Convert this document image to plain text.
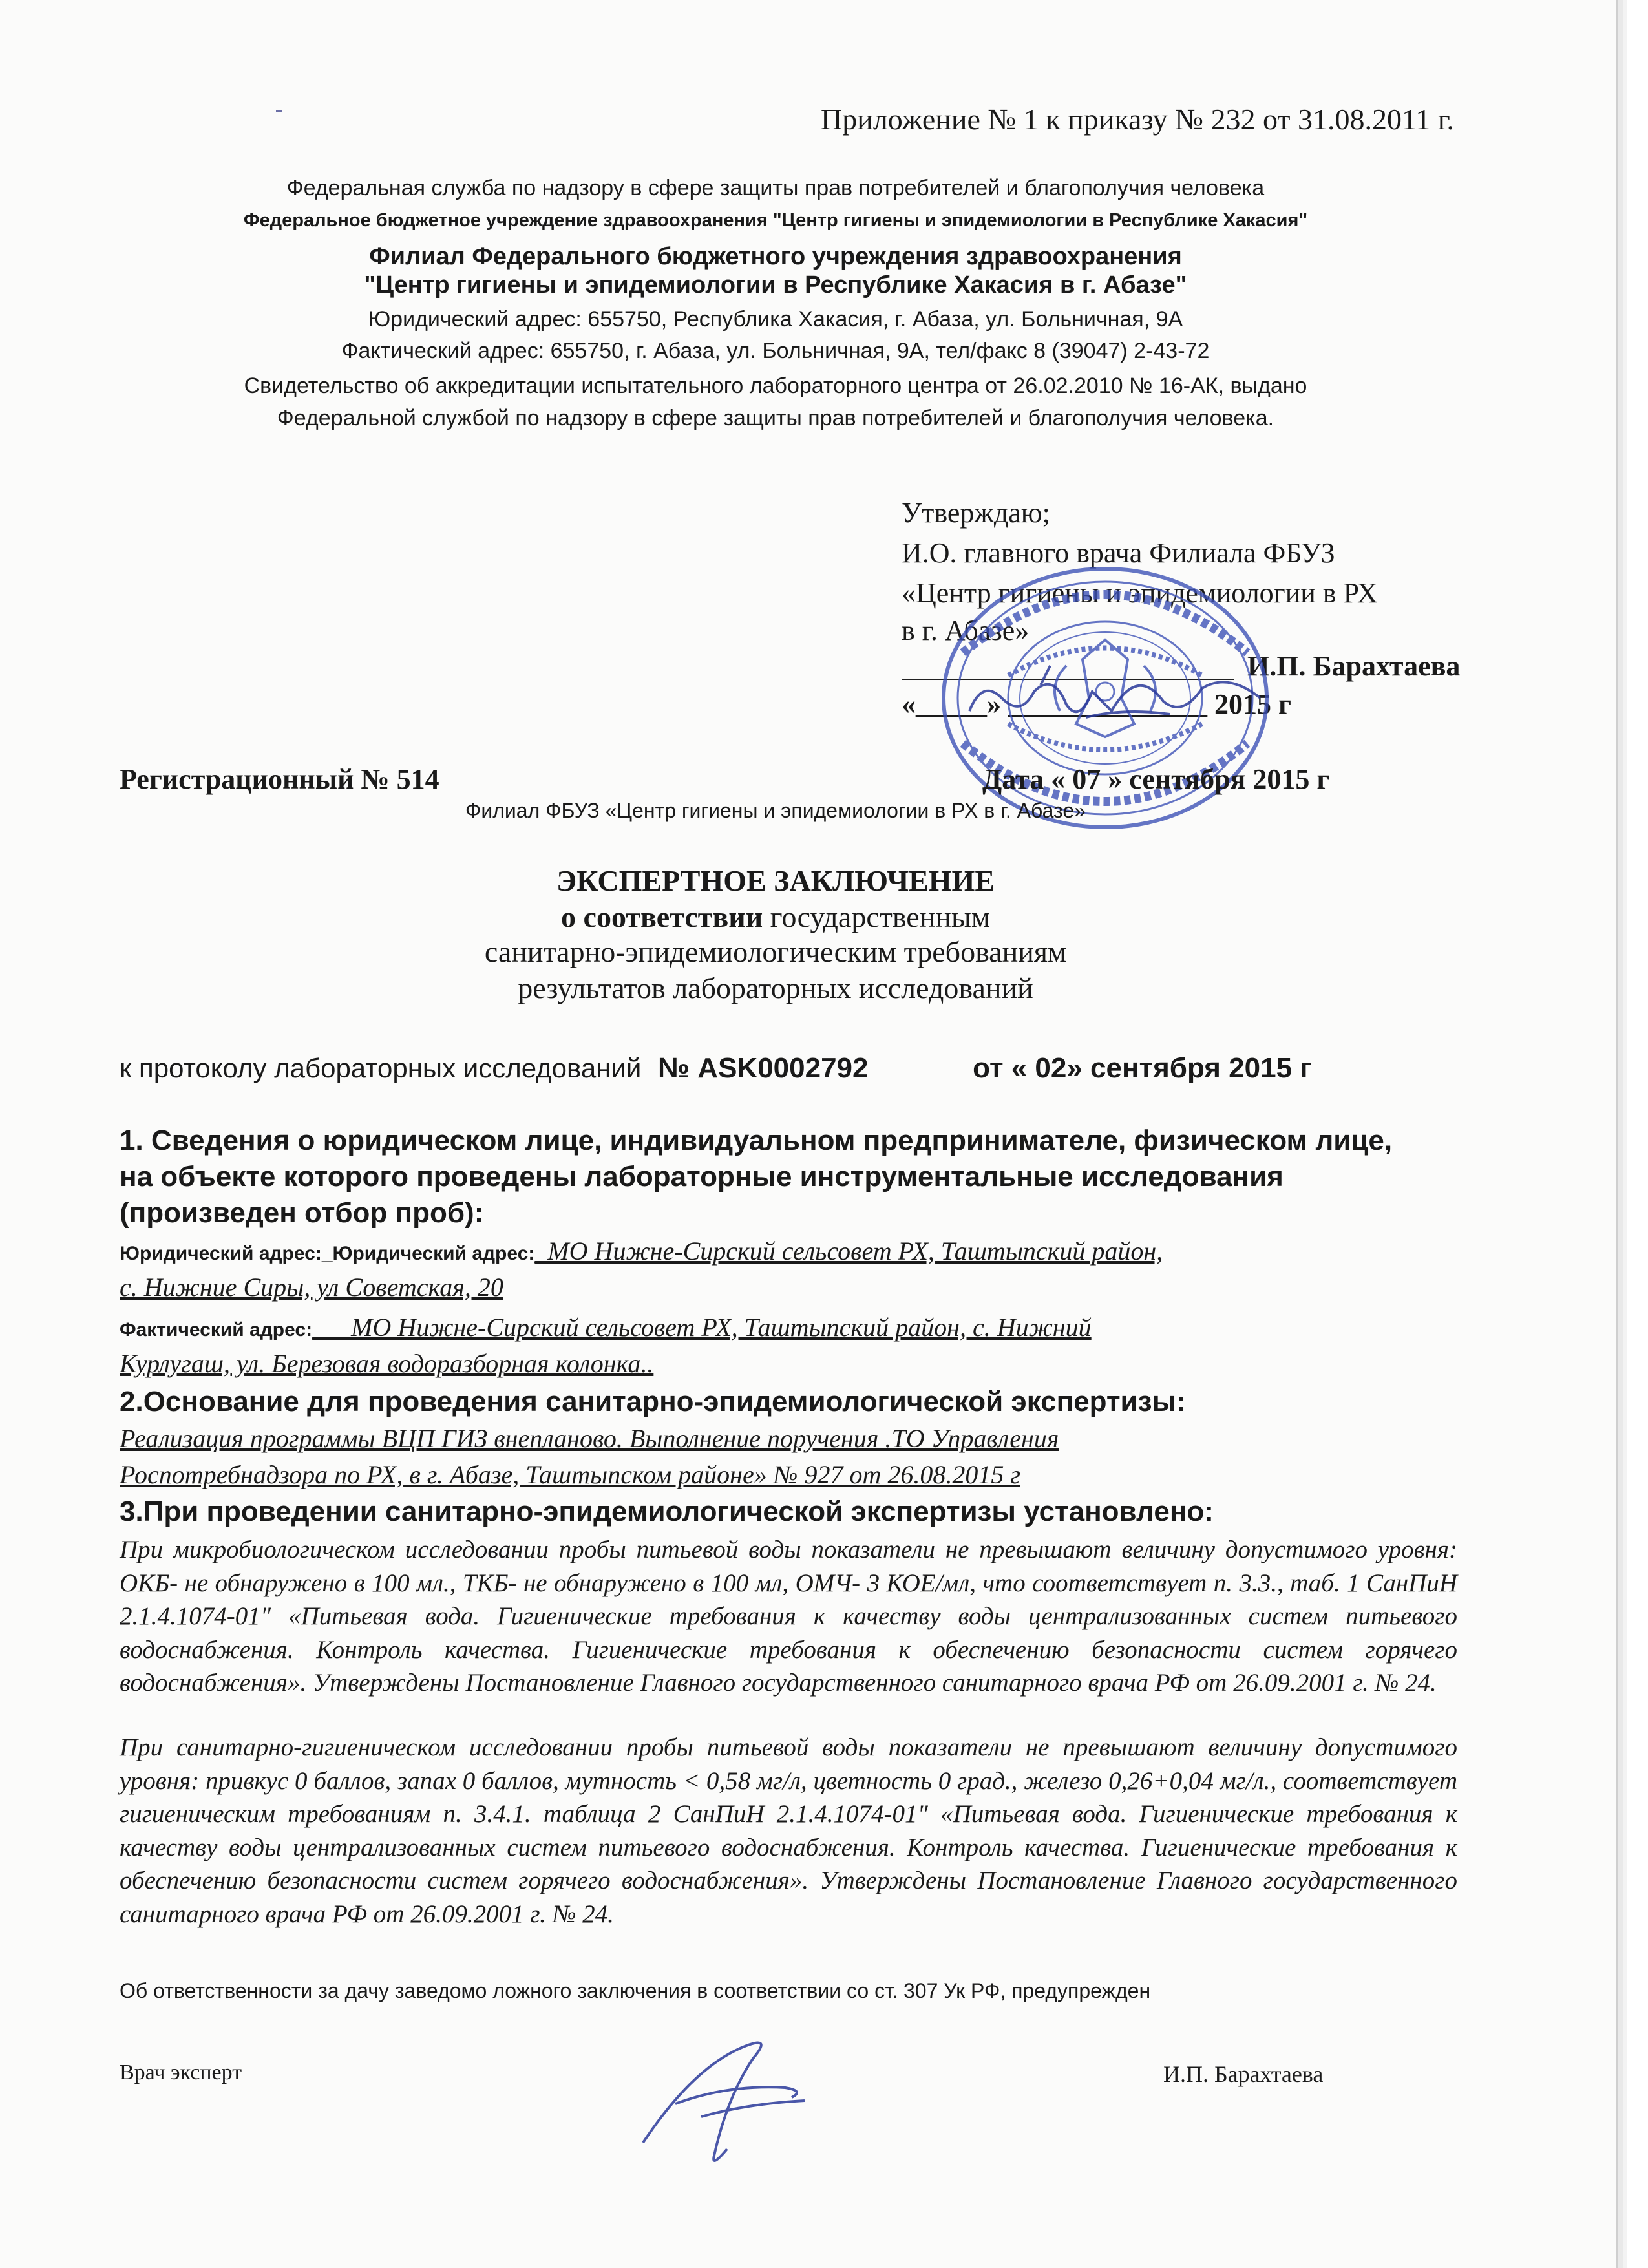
Приложение № 1 к приказу № 232 от 31.08.2011 г.
Федеральная служба по надзору в сфере защиты прав потребителей и благополучия человека
Федеральное бюджетное учреждение здравоохранения "Центр гигиены и эпидемиологии в Республике Хакасия"
Филиал Федерального бюджетного учреждения здравоохранения
"Центр гигиены и эпидемиологии в Республике Хакасия в г. Абазе"
Юридический адрес: 655750, Республика Хакасия, г. Абаза, ул. Больничная, 9А
Фактический адрес: 655750, г. Абаза, ул. Больничная, 9А, тел/факс 8 (39047) 2-43-72
Свидетельство об аккредитации испытательного лабораторного центра от 26.02.2010 № 16-АК, выдано
Федеральной службой по надзору в сфере защиты прав потребителей и благополучия человека.
Утверждаю;
И.О. главного врача Филиала ФБУЗ
«Центр гигиены и эпидемиологии в РХ
в г. Абазе»
И.П. Барахтаева
«_____» ______________ 2015 г
Регистрационный № 514	Дата « 07 » сентября 2015 г
Филиал ФБУЗ «Центр гигиены и эпидемиологии в РХ в г. Абазе»
ЭКСПЕРТНОЕ ЗАКЛЮЧЕНИЕ
о соответствии государственным
санитарно-эпидемиологическим требованиям
результатов лабораторных исследований
к протоколу лабораторных исследований № ASK0002792	от « 02» сентября 2015 г
1. Сведения о юридическом лице, индивидуальном предпринимателе, физическом лице,
на объекте которого проведены лабораторные инструментальные исследования
(произведен отбор проб):
Юридический адрес:_Юридический адрес:_МО Нижне-Сирский сельсовет РХ, Таштыпский район,
с. Нижние Сиры, ул Советская, 20
Фактический адрес:___МО Нижне-Сирский сельсовет РХ, Таштыпский район, с. Нижний
Курлугаш, ул. Березовая водоразборная колонка..
2.Основание для проведения санитарно-эпидемиологической экспертизы:
Реализация программы ВЦП ГИЗ внепланово. Выполнение поручения .ТО Управления
Роспотребнадзора по РХ, в г. Абазе, Таштыпском районе» № 927 от 26.08.2015 г
3.При проведении санитарно-эпидемиологической экспертизы установлено:
При микробиологическом исследовании пробы питьевой воды показатели не превышают величину допустимого уровня: ОКБ- не обнаружено в 100 мл., ТКБ- не обнаружено в 100 мл, ОМЧ- 3 КОЕ/мл, что соответствует п. 3.3., таб. 1 СанПиН 2.1.4.1074-01" «Питьевая вода. Гигиенические требования к качеству воды централизованных систем питьевого водоснабжения. Контроль качества. Гигиенические требования к обеспечению безопасности систем горячего водоснабжения». Утверждены Постановление Главного государственного санитарного врача РФ от 26.09.2001 г. № 24.
При санитарно-гигиеническом исследовании пробы питьевой воды показатели не превышают величину допустимого уровня: привкус 0 баллов, запах 0 баллов, мутность < 0,58 мг/л, цветность 0 град., железо 0,26+0,04 мг/л., соответствует гигиеническим требованиям п. 3.4.1. таблица 2 СанПиН 2.1.4.1074-01" «Питьевая вода. Гигиенические требования к качеству воды централизованных систем питьевого водоснабжения. Контроль качества. Гигиенические требования к обеспечению безопасности систем горячего водоснабжения». Утверждены Постановление Главного государственного санитарного врача РФ от 26.09.2001 г. № 24.
Об ответственности за дачу заведомо ложного заключения в соответствии со ст. 307 Ук РФ, предупрежден
Врач эксперт	И.П. Барахтаева
